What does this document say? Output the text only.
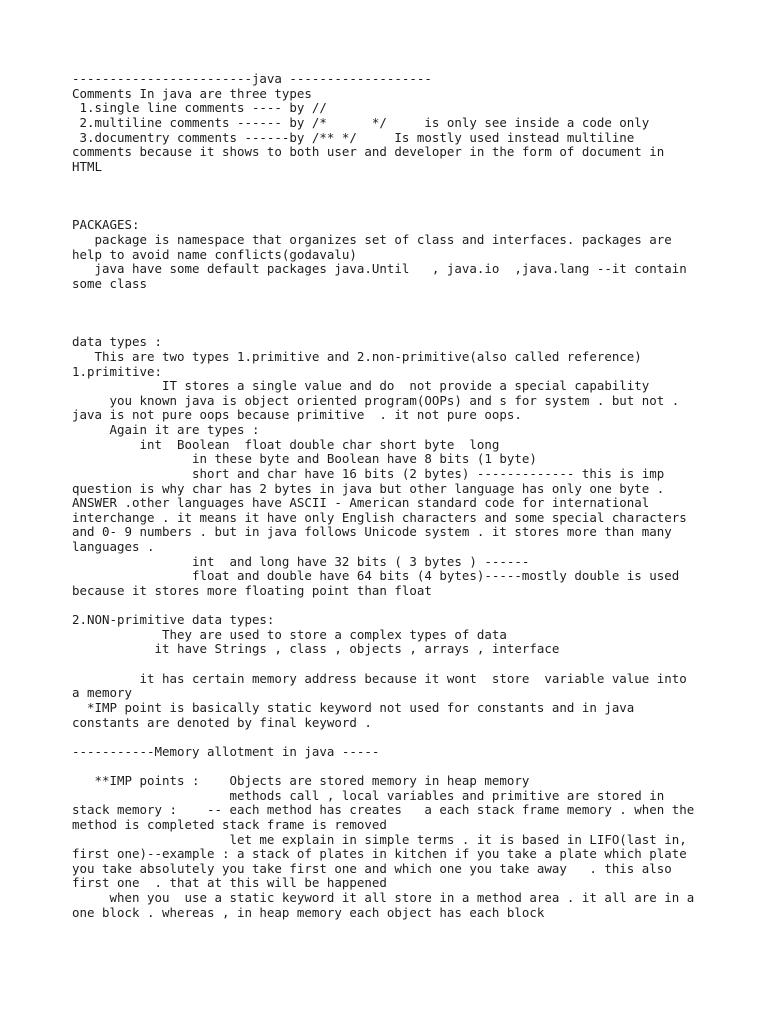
------------------------java -------------------
Comments In java are three types
1.single line comments ---- by //
2.multiline comments ------ by /*      */     is only see inside a code only
3.documentry comments ------by /** */     Is mostly used instead multiline
comments because it shows to both user and developer in the form of document in
HTML
PACKAGES:
package is namespace that organizes set of class and interfaces. packages are
help to avoid name conflicts(godavalu)
java have some default packages java.Until   , java.io  ,java.lang --it contain
some class
data types :
This are two types 1.primitive and 2.non-primitive(also called reference)
1.primitive:
IT stores a single value and do  not provide a special capability
you known java is object oriented program(OOPs) and s for system . but not .
java is not pure oops because primitive  . it not pure oops.
Again it are types :
int  Boolean  float double char short byte  long
in these byte and Boolean have 8 bits (1 byte)
short and char have 16 bits (2 bytes) ------------- this is imp
question is why char has 2 bytes in java but other language has only one byte .
ANSWER .other languages have ASCII - American standard code for international
interchange . it means it have only English characters and some special characters
and 0- 9 numbers . but in java follows Unicode system . it stores more than many
languages .
int  and long have 32 bits ( 3 bytes ) ------
float and double have 64 bits (4 bytes)-----mostly double is used
because it stores more floating point than float
2.NON-primitive data types:
They are used to store a complex types of data
it have Strings , class , objects , arrays , interface
it has certain memory address because it wont  store  variable value into
a memory
*IMP point is basically static keyword not used for constants and in java
constants are denoted by final keyword .
-----------Memory allotment in java -----
**IMP points :    Objects are stored memory in heap memory
methods call , local variables and primitive are stored in
stack memory :    -- each method has creates   a each stack frame memory . when the
method is completed stack frame is removed
let me explain in simple terms . it is based in LIFO(last in,
first one)--example : a stack of plates in kitchen if you take a plate which plate
you take absolutely you take first one and which one you take away   . this also
first one  . that at this will be happened
when you  use a static keyword it all store in a method area . it all are in a
one block . whereas , in heap memory each object has each block
